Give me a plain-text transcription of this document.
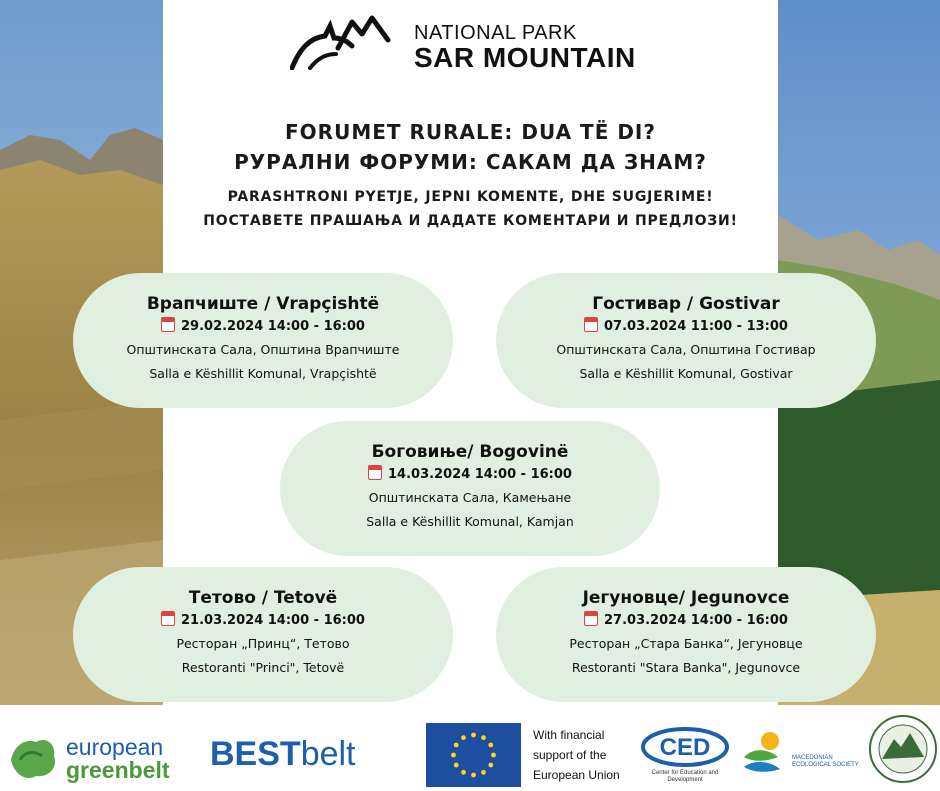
NATIONAL PARK
SAR MOUNTAIN
FORUMET RURALE: DUA TË DI?
РУРАЛНИ ФОРУМИ: САКАМ ДА ЗНАМ?
PARASHTRONI PYETJE, JEPNI KOMENTE, DHE SUGJERIME!
ПОСТАВЕТЕ ПРАШАЊА И ДАДАТЕ КОМЕНТАРИ И ПРЕДЛОЗИ!
Врапчиште / Vrapçishtë
29.02.2024 14:00 - 16:00
Општинската Сала, Општина Врапчиште
Salla e Këshillit Komunal, Vrapçishtë
Гостивар / Gostivar
07.03.2024 11:00 - 13:00
Општинската Сала, Општина Гостивар
Salla e Këshillit Komunal, Gostivar
Боговиње/ Bogovinë
14.03.2024 14:00 - 16:00
Општинската Сала, Камењане
Salla e Këshillit Komunal, Kamjan
Тетово / Tetovë
21.03.2024 14:00 - 16:00
Ресторан „Принц“, Тетово
Restoranti "Princi", Tetovë
Јегуновце/ Jegunovce
27.03.2024 14:00 - 16:00
Ресторан „Стара Банка“, Јегуновце
Restoranti "Stara Banka", Jegunovce
european
greenbelt BESTbelt	With financial
support of the
European Union
CED
Center for Education and Development
MACEDONIAN ECOLOGICAL SOCIETY
